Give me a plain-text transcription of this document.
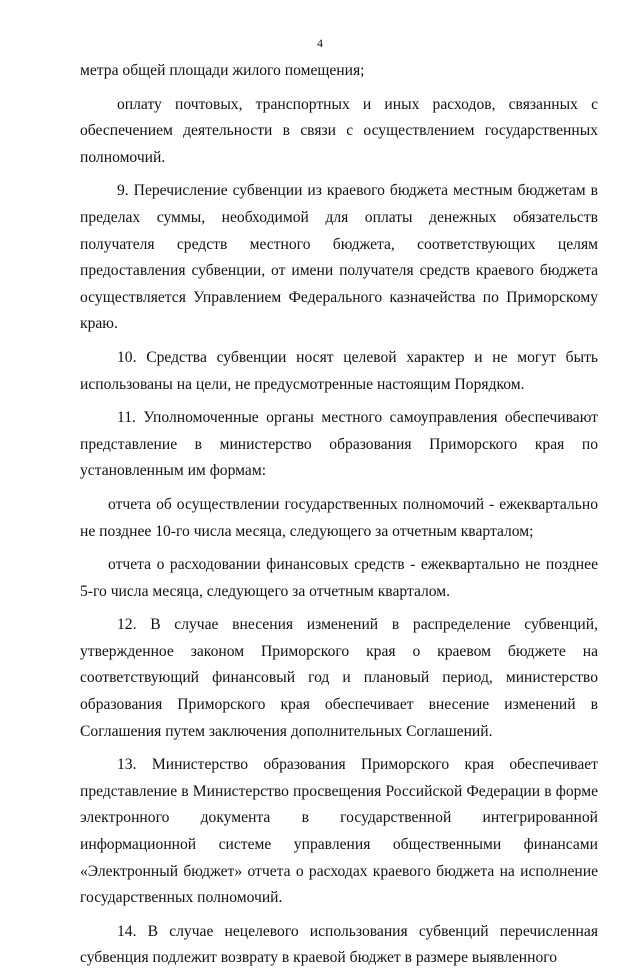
4

метра общей площади жилого помещения;

оплату почтовых, транспортных и иных расходов, связанных с обеспечением деятельности в связи с осуществлением государственных полномочий.

9. Перечисление субвенции из краевого бюджета местным бюджетам в пределах суммы, необходимой для оплаты денежных обязательств получателя средств местного бюджета, соответствующих целям предоставления субвенции, от имени получателя средств краевого бюджета осуществляется Управлением Федерального казначейства по Приморскому краю.

10. Средства субвенции носят целевой характер и не могут быть использованы на цели, не предусмотренные настоящим Порядком.

11. Уполномоченные органы местного самоуправления обеспечивают представление в министерство образования Приморского края по установленным им формам:

отчета об осуществлении государственных полномочий - ежеквартально не позднее 10-го числа месяца, следующего за отчетным кварталом;

отчета о расходовании финансовых средств - ежеквартально не позднее 5-го числа месяца, следующего за отчетным кварталом.

12. В случае внесения изменений в распределение субвенций, утвержденное законом Приморского края о краевом бюджете на соответствующий финансовый год и плановый период, министерство образования Приморского края обеспечивает внесение изменений в Соглашения путем заключения дополнительных Соглашений.

13. Министерство образования Приморского края обеспечивает представление в Министерство просвещения Российской Федерации в форме электронного документа в государственной интегрированной информационной системе управления общественными финансами «Электронный бюджет» отчета о расходах краевого бюджета на исполнение государственных полномочий.

14. В случае нецелевого использования субвенций перечисленная субвенция подлежит возврату в краевой бюджет в размере выявленного
